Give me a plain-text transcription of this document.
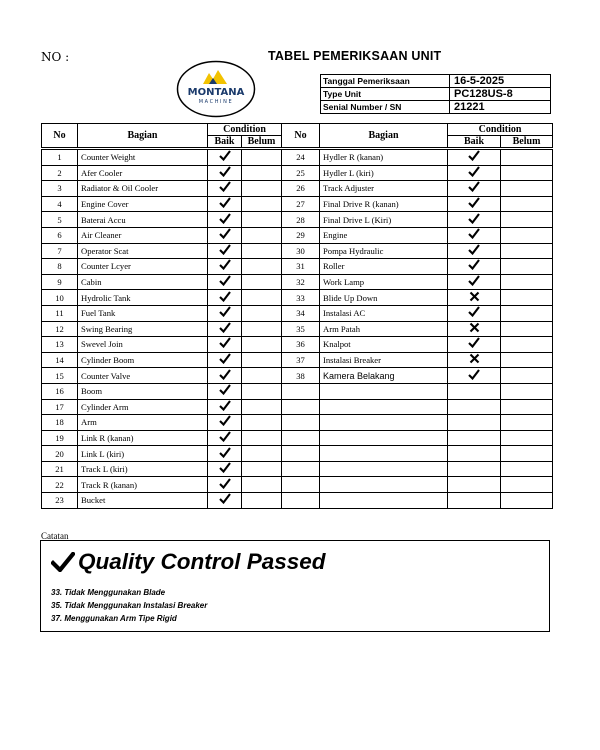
NO :	TABEL PEMERIKSAAN UNIT
MONTANA
MACHINE
Tanggal Pemeriksaan	16-5-2025
Type Unit	PC128US-8
Senial Number / SN	21221
No	Bagian	Condition		No	Bagian	Condition	
		Baik	Belum			Baik	Belum
1	Counter Weight			24	Hydler R (kanan)		
2	Afer Cooler			25	Hydler L (kiri)		
3	Radiator & Oil Cooler			26	Track Adjuster		
4	Engine Cover			27	Final Drive R (kanan)		
5	Baterai Accu			28	Final Drive L (Kiri)		
6	Air Cleaner			29	Engine		
7	Operator Scat			30	Pompa Hydraulic		
8	Counter Lcyer			31	Roller		
9	Cabin			32	Work Lamp		
10	Hydrolic Tank			33	Blide Up Down		
11	Fuel Tank			34	Instalasi AC		
12	Swing Bearing			35	Arm Patah		
13	Swevel Join			36	Knalpot		
14	Cylinder Boom			37	Instalasi Breaker		
15	Counter Valve			38	Kamera Belakang		
16	Boom						
17	Cylinder Arm						
18	Arm						
19	Link R (kanan)						
20	Link L (kiri)						
21	Track L (kiri)						
22	Track R (kanan)						
23	Bucket						
Catatan
Quality Control Passed
33. Tidak Menggunakan Blade
35. Tidak Menggunakan Instalasi Breaker
37. Menggunakan Arm Tipe Rigid
